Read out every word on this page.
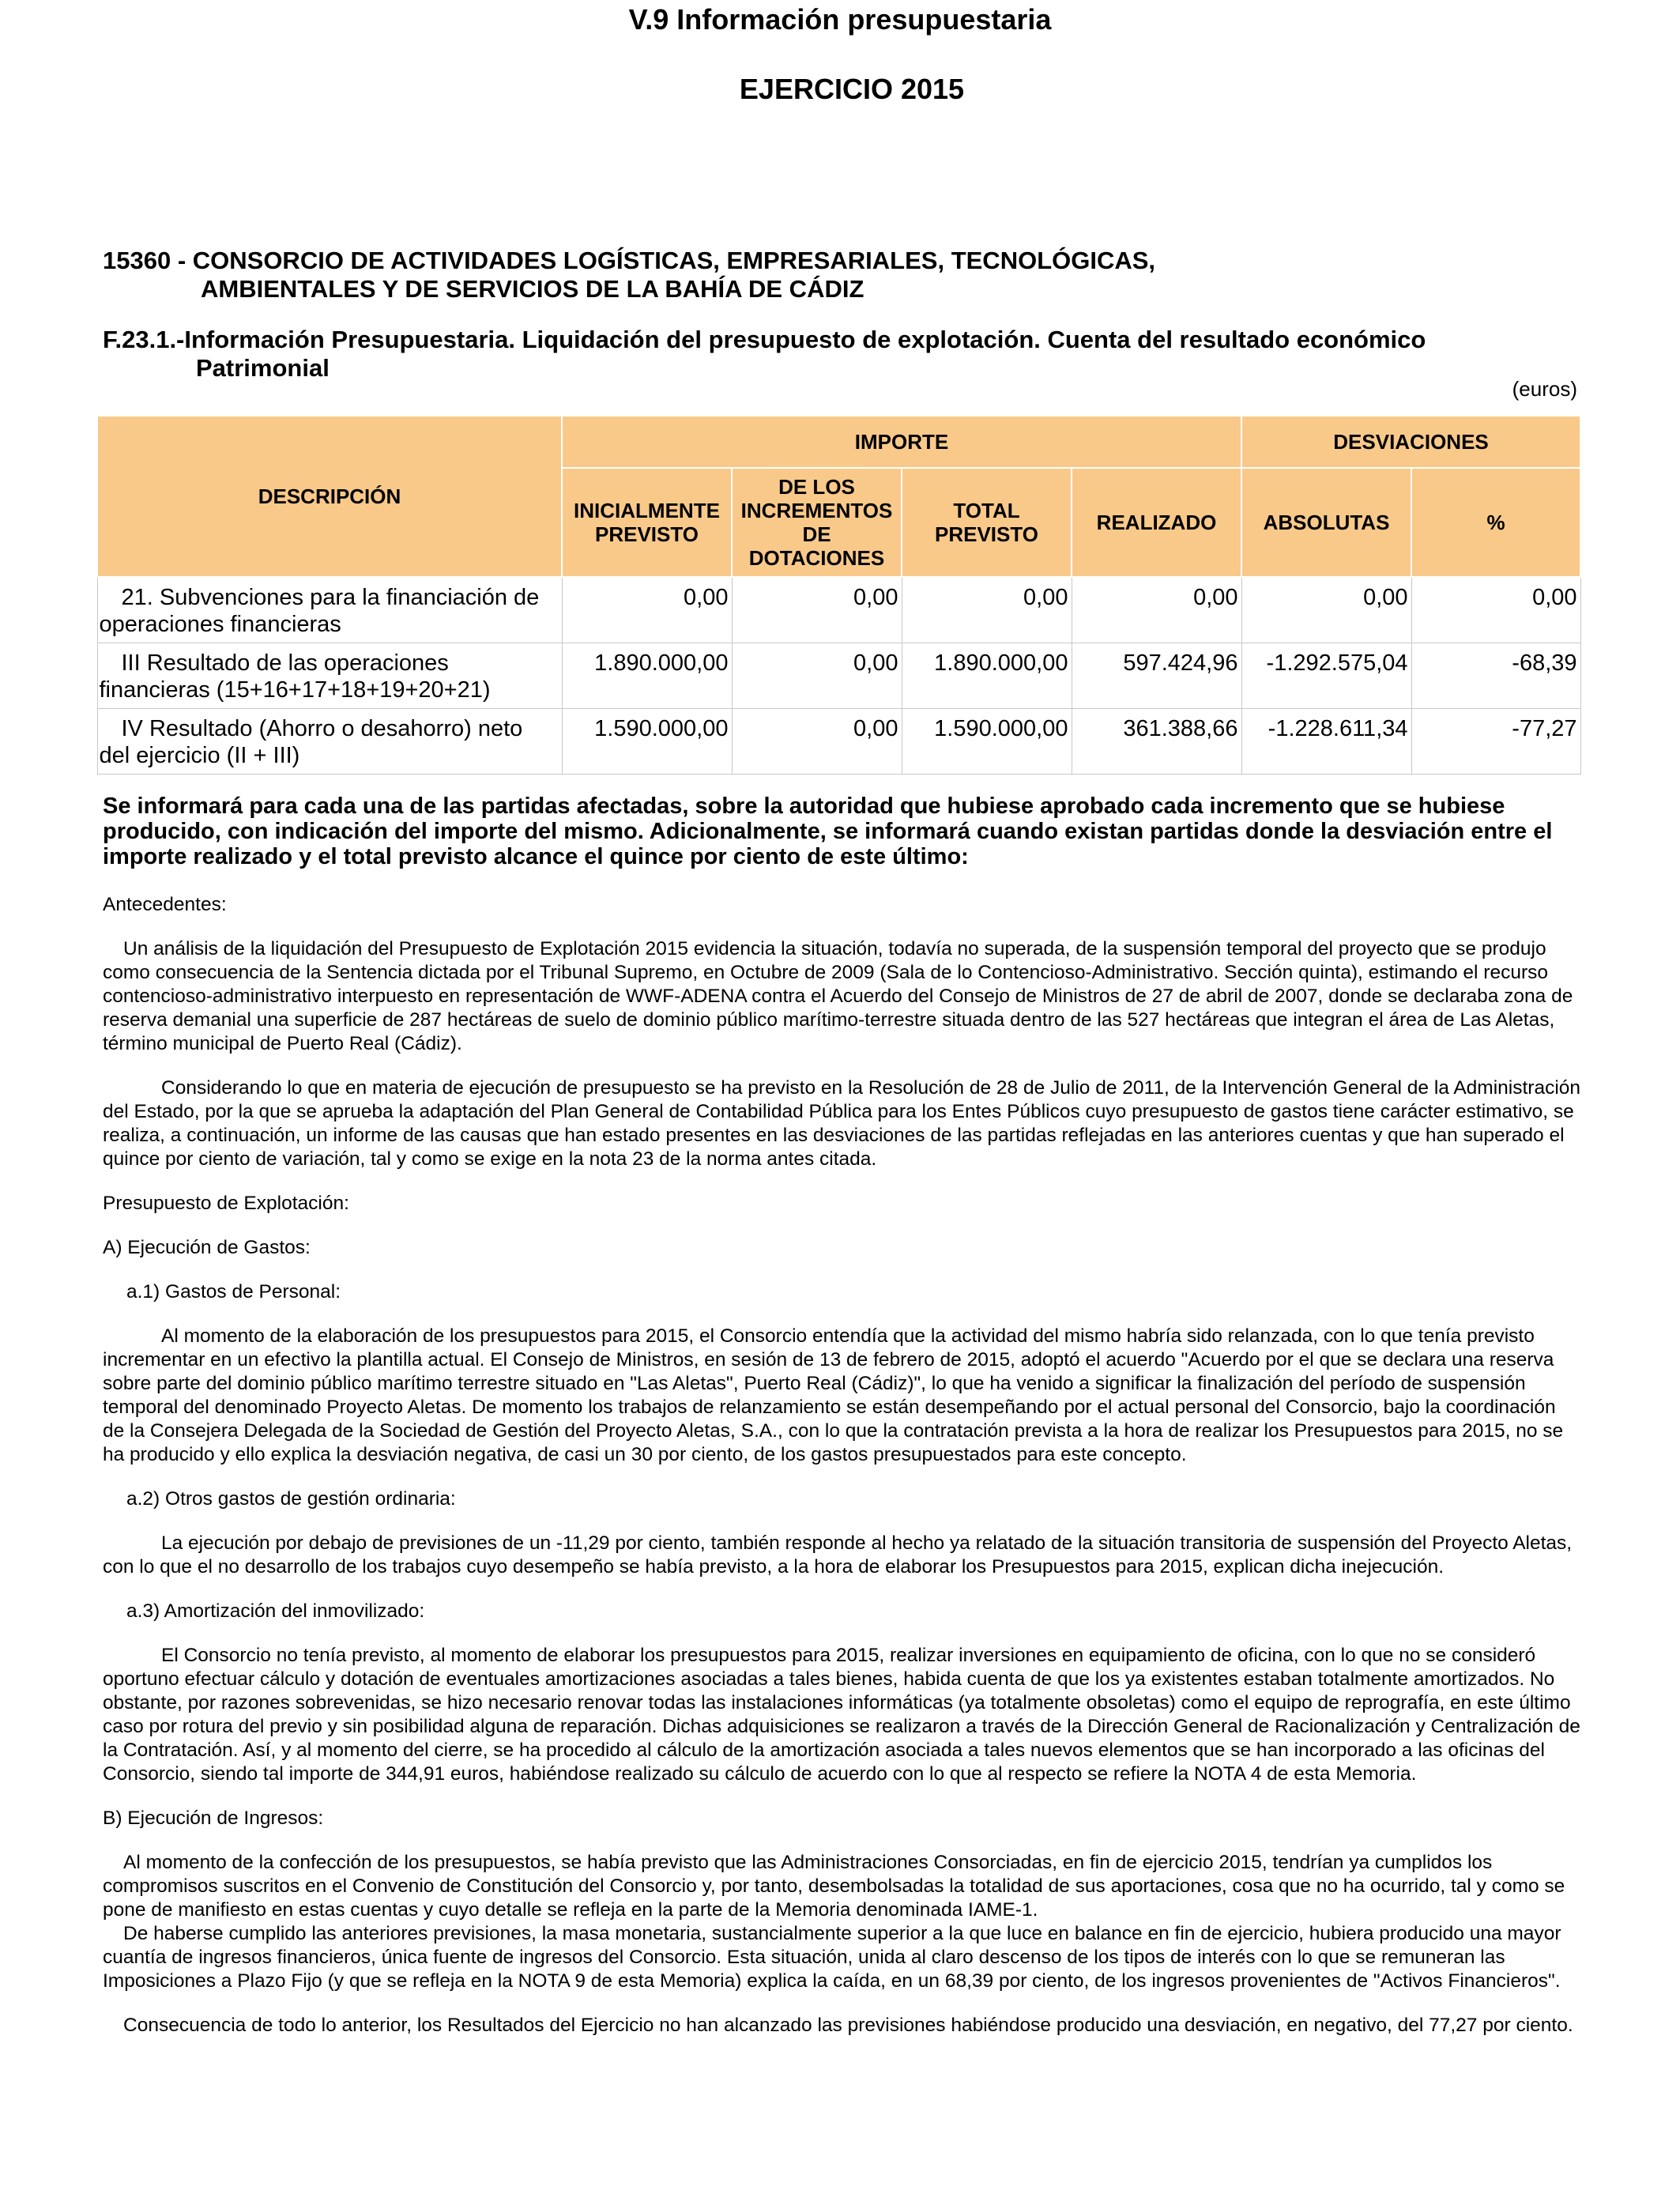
V.9 Información presupuestaria
EJERCICIO 2015
15360 - CONSORCIO DE ACTIVIDADES LOGÍSTICAS, EMPRESARIALES, TECNOLÓGICAS,
AMBIENTALES Y DE SERVICIOS DE LA BAHÍA DE CÁDIZ
F.23.1.-Información Presupuestaria. Liquidación del presupuesto de explotación. Cuenta del resultado económico
Patrimonial
(euros)
DESCRIPCIÓN	IMPORTE				DESVIACIONES	
	INICIALMENTE PREVISTO	DE LOS INCREMENTOS DE DOTACIONES	TOTAL PREVISTO	REALIZADO	ABSOLUTAS	%
21. Subvenciones para la financiación de operaciones financieras	0,00	0,00	0,00	0,00	0,00	0,00
III Resultado de las operaciones financieras (15+16+17+18+19+20+21)	1.890.000,00	0,00	1.890.000,00	597.424,96	-1.292.575,04	-68,39
IV Resultado (Ahorro o desahorro) neto del ejercicio (II + III)	1.590.000,00	0,00	1.590.000,00	361.388,66	-1.228.611,34	-77,27
Se informará para cada una de las partidas afectadas, sobre la autoridad que hubiese aprobado cada incremento que se hubiese producido, con indicación del importe del mismo. Adicionalmente, se informará cuando existan partidas donde la desviación entre el importe realizado y el total previsto alcance el quince por ciento de este último:

Antecedentes:

Un análisis de la liquidación del Presupuesto de Explotación 2015 evidencia la situación, todavía no superada, de la suspensión temporal del proyecto que se produjo como consecuencia de la Sentencia dictada por el Tribunal Supremo, en Octubre de 2009 (Sala de lo Contencioso-Administrativo. Sección quinta), estimando el recurso contencioso-administrativo interpuesto en representación de WWF-ADENA contra el Acuerdo del Consejo de Ministros de 27 de abril de 2007, donde se declaraba zona de reserva demanial una superficie de 287 hectáreas de suelo de dominio público marítimo-terrestre situada dentro de las 527 hectáreas que integran el área de Las Aletas, término municipal de Puerto Real (Cádiz).

Considerando lo que en materia de ejecución de presupuesto se ha previsto en la Resolución de 28 de Julio de 2011, de la Intervención General de la Administración del Estado, por la que se aprueba la adaptación del Plan General de Contabilidad Pública para los Entes Públicos cuyo presupuesto de gastos tiene carácter estimativo, se realiza, a continuación, un informe de las causas que han estado presentes en las desviaciones de las partidas reflejadas en las anteriores cuentas y que han superado el quince por ciento de variación, tal y como se exige en la nota 23 de la norma antes citada.

Presupuesto de Explotación:

A) Ejecución de Gastos:

a.1) Gastos de Personal:

Al momento de la elaboración de los presupuestos para 2015, el Consorcio entendía que la actividad del mismo habría sido relanzada, con lo que tenía previsto incrementar en un efectivo la plantilla actual. El Consejo de Ministros, en sesión de 13 de febrero de 2015, adoptó el acuerdo "Acuerdo por el que se declara una reserva sobre parte del dominio público marítimo terrestre situado en "Las Aletas", Puerto Real (Cádiz)", lo que ha venido a significar la finalización del período de suspensión temporal del denominado Proyecto Aletas. De momento los trabajos de relanzamiento se están desempeñando por el actual personal del Consorcio, bajo la coordinación de la Consejera Delegada de la Sociedad de Gestión del Proyecto Aletas, S.A., con lo que la contratación prevista a la hora de realizar los Presupuestos para 2015, no se ha producido y ello explica la desviación negativa, de casi un 30 por ciento, de los gastos presupuestados para este concepto.

a.2) Otros gastos de gestión ordinaria:

La ejecución por debajo de previsiones de un -11,29 por ciento, también responde al hecho ya relatado de la situación transitoria de suspensión del Proyecto Aletas, con lo que el no desarrollo de los trabajos cuyo desempeño se había previsto, a la hora de elaborar los Presupuestos para 2015, explican dicha inejecución.

a.3) Amortización del inmovilizado:

El Consorcio no tenía previsto, al momento de elaborar los presupuestos para 2015, realizar inversiones en equipamiento de oficina, con lo que no se consideró oportuno efectuar cálculo y dotación de eventuales amortizaciones asociadas a tales bienes, habida cuenta de que los ya existentes estaban totalmente amortizados. No obstante, por razones sobrevenidas, se hizo necesario renovar todas las instalaciones informáticas (ya totalmente obsoletas) como el equipo de reprografía, en este último caso por rotura del previo y sin posibilidad alguna de reparación. Dichas adquisiciones se realizaron a través de la Dirección General de Racionalización y Centralización de la Contratación. Así, y al momento del cierre, se ha procedido al cálculo de la amortización asociada a tales nuevos elementos que se han incorporado a las oficinas del Consorcio, siendo tal importe de 344,91 euros, habiéndose realizado su cálculo de acuerdo con lo que al respecto se refiere la NOTA 4 de esta Memoria.

B) Ejecución de Ingresos:

Al momento de la confección de los presupuestos, se había previsto que las Administraciones Consorciadas, en fin de ejercicio 2015, tendrían ya cumplidos los compromisos suscritos en el Convenio de Constitución del Consorcio y, por tanto, desembolsadas la totalidad de sus aportaciones, cosa que no ha ocurrido, tal y como se pone de manifiesto en estas cuentas y cuyo detalle se refleja en la parte de la Memoria denominada IAME-1.

De haberse cumplido las anteriores previsiones, la masa monetaria, sustancialmente superior a la que luce en balance en fin de ejercicio, hubiera producido una mayor cuantía de ingresos financieros, única fuente de ingresos del Consorcio. Esta situación, unida al claro descenso de los tipos de interés con lo que se remuneran las Imposiciones a Plazo Fijo (y que se refleja en la NOTA 9 de esta Memoria) explica la caída, en un 68,39 por ciento, de los ingresos provenientes de "Activos Financieros".

Consecuencia de todo lo anterior, los Resultados del Ejercicio no han alcanzado las previsiones habiéndose producido una desviación, en negativo, del 77,27 por ciento.
